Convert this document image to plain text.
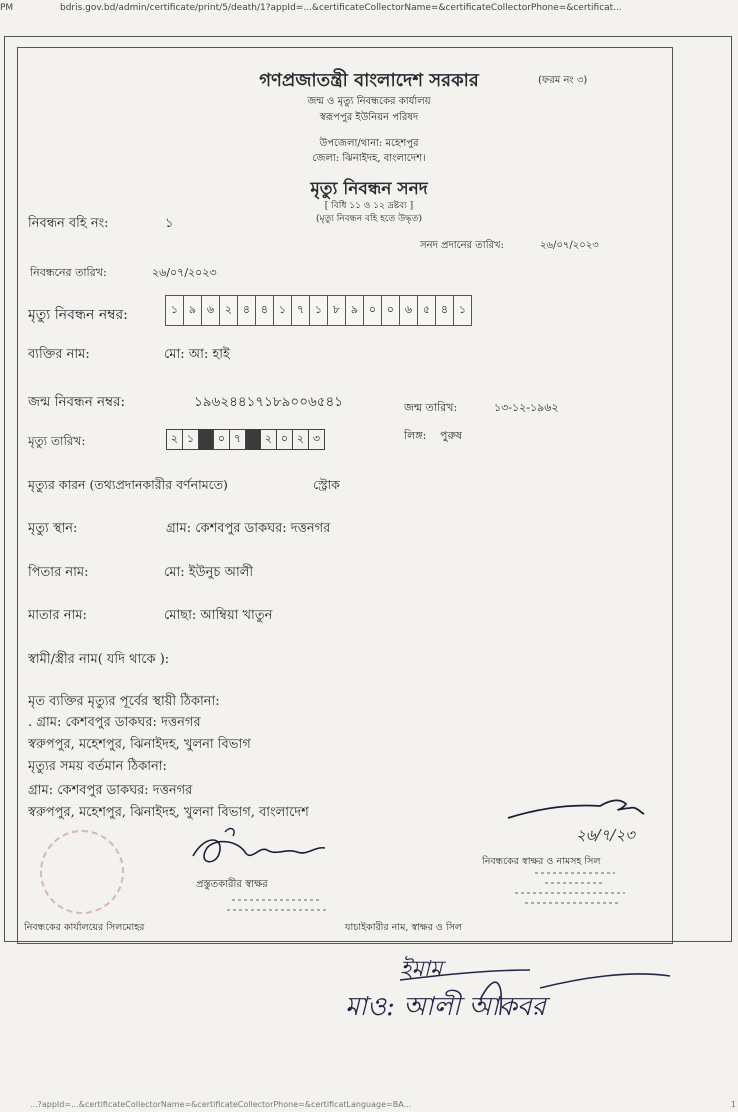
PM	bdris.gov.bd/admin/certificate/print/5/death/1?appId=...&certificateCollectorName=&certificateCollectorPhone=&certificat...
গণপ্রজাতন্ত্রী বাংলাদেশ সরকার	(ফরম নং ৩)
জন্ম ও মৃত্যু নিবন্ধকের কার্যালয়
স্বরূপপুর ইউনিয়ন পরিষদ
উপজেলা/থানা: মহেশপুর
জেলা: ঝিনাইদহ, বাংলাদেশ।
মৃত্যু নিবন্ধন সনদ
[ বিধি ১১ ও ১২ দ্রষ্টব্য ]
(মৃত্যু নিবন্ধন বহি হতে উদ্ধৃত)
নিবন্ধন বহি নং:	১
সনদ প্রদানের তারিখ:	২৬/০৭/২০২৩
নিবন্ধনের তারিখ:	২৬/০৭/২০২৩
মৃত্যু নিবন্ধন নম্বর:	১ ৯ ৬ ২ ৪ ৪ ১ ৭ ১ ৮ ৯ ০ ০ ৬ ৫ ৪ ১
ব্যক্তির নাম:	মো: আ: হাই
জন্ম নিবন্ধন নম্বর:	১৯৬২৪৪১৭১৮৯০০৬৫৪১	জন্ম তারিখ:	১৩-১২-১৯৬২
মৃত্যু তারিখ:	২ ১	০ ৭	২ ০ ২ ৩	লিঙ্গ: পুরুষ
মৃত্যুর কারন (তথ্যপ্রদানকারীর বর্ণনামতে)	স্ট্রোক
মৃত্যু স্থান:	গ্রাম: কেশবপুর ডাকঘর: দত্তনগর
পিতার নাম:	মো: ইউনুচ আলী
মাতার নাম:	মোছা: আম্বিয়া খাতুন
স্বামী/স্ত্রীর নাম( যদি থাকে ):
মৃত ব্যক্তির মৃত্যুর পূর্বের স্থায়ী ঠিকানা:
. গ্রাম: কেশবপুর ডাকঘর: দত্তনগর
স্বরুপপুর, মহেশপুর, ঝিনাইদহ, খুলনা বিভাগ
মৃত্যুর সময় বর্তমান ঠিকানা:
গ্রাম: কেশবপুর ডাকঘর: দত্তনগর
স্বরুপপুর, মহেশপুর, ঝিনাইদহ, খুলনা বিভাগ, বাংলাদেশ
প্রস্তুতকারীর স্বাক্ষর
২৬/৭/২৩
নিবন্ধকের স্বাক্ষর ও নামসহ সিল
নিবন্ধকের কার্যালয়ের সিলমোহর	যাচাইকারীর নাম, স্বাক্ষর ও সিল
ইমাম
মাও: আলী আকবর
...?appId=...&certificateCollectorName=&certificateCollectorPhone=&certificatLanguage=BA...	1
